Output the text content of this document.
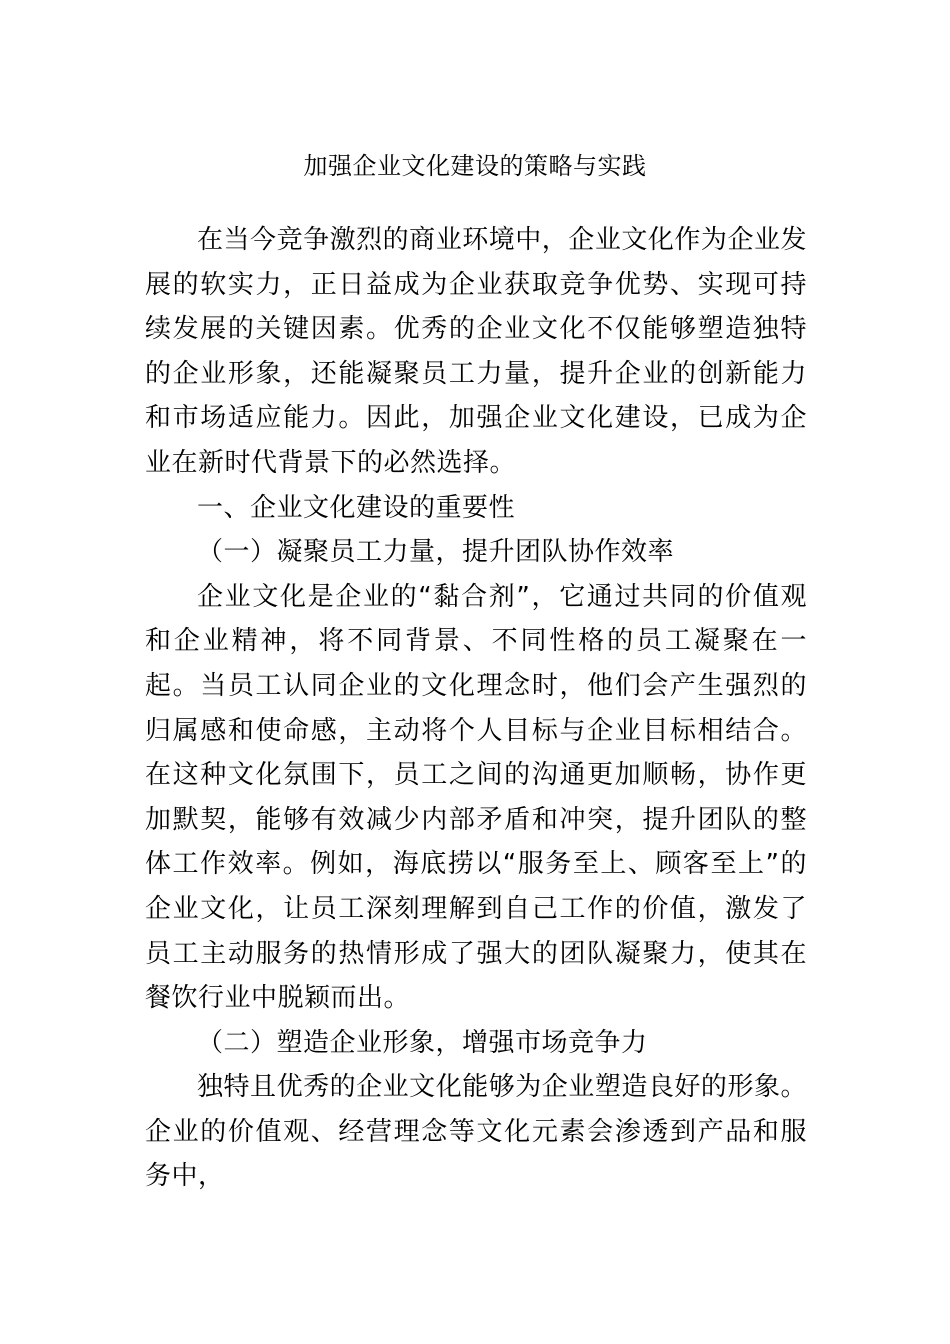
加强企业文化建设的策略与实践

在当今竞争激烈的商业环境中，企业文化作为企业发展的软实力，正日益成为企业获取竞争优势、实现可持续发展的关键因素。优秀的企业文化不仅能够塑造独特的企业形象，还能凝聚员工力量，提升企业的创新能力和市场适应能力。因此，加强企业文化建设，已成为企业在新时代背景下的必然选择。

一、企业文化建设的重要性

（一）凝聚员工力量，提升团队协作效率

企业文化是企业的“黏合剂”，它通过共同的价值观和企业精神，将不同背景、不同性格的员工凝聚在一起。当员工认同企业的文化理念时，他们会产生强烈的归属感和使命感，主动将个人目标与企业目标相结合。在这种文化氛围下，员工之间的沟通更加顺畅，协作更加默契，能够有效减少内部矛盾和冲突，提升团队的整体工作效率。例如，海底捞以“服务至上、顾客至上”的企业文化，让员工深刻理解到自己工作的价值，激发了员工主动服务的热情形成了强大的团队凝聚力，使其在餐饮行业中脱颖而出。

（二）塑造企业形象，增强市场竞争力

独特且优秀的企业文化能够为企业塑造良好的形象。企业的价值观、经营理念等文化元素会渗透到产品和服务中，
